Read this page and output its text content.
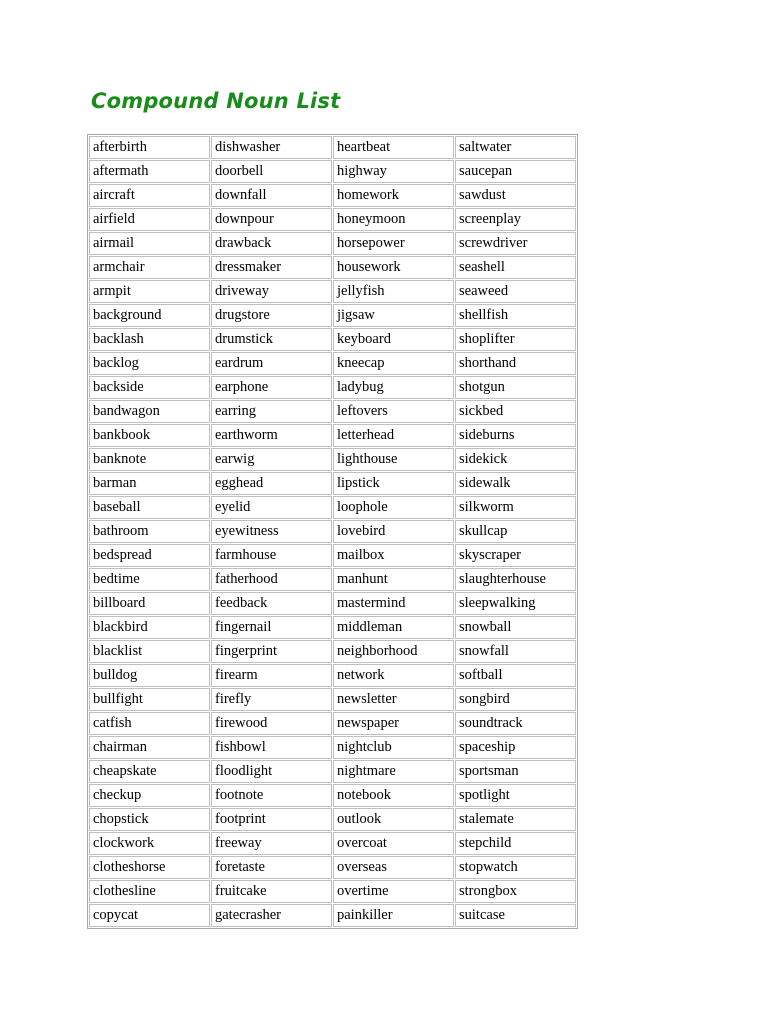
Compound Noun List
afterbirth	dishwasher	heartbeat	saltwater
aftermath	doorbell	highway	saucepan
aircraft	downfall	homework	sawdust
airfield	downpour	honeymoon	screenplay
airmail	drawback	horsepower	screwdriver
armchair	dressmaker	housework	seashell
armpit	driveway	jellyfish	seaweed
background	drugstore	jigsaw	shellfish
backlash	drumstick	keyboard	shoplifter
backlog	eardrum	kneecap	shorthand
backside	earphone	ladybug	shotgun
bandwagon	earring	leftovers	sickbed
bankbook	earthworm	letterhead	sideburns
banknote	earwig	lighthouse	sidekick
barman	egghead	lipstick	sidewalk
baseball	eyelid	loophole	silkworm
bathroom	eyewitness	lovebird	skullcap
bedspread	farmhouse	mailbox	skyscraper
bedtime	fatherhood	manhunt	slaughterhouse
billboard	feedback	mastermind	sleepwalking
blackbird	fingernail	middleman	snowball
blacklist	fingerprint	neighborhood	snowfall
bulldog	firearm	network	softball
bullfight	firefly	newsletter	songbird
catfish	firewood	newspaper	soundtrack
chairman	fishbowl	nightclub	spaceship
cheapskate	floodlight	nightmare	sportsman
checkup	footnote	notebook	spotlight
chopstick	footprint	outlook	stalemate
clockwork	freeway	overcoat	stepchild
clotheshorse	foretaste	overseas	stopwatch
clothesline	fruitcake	overtime	strongbox
copycat	gatecrasher	painkiller	suitcase
